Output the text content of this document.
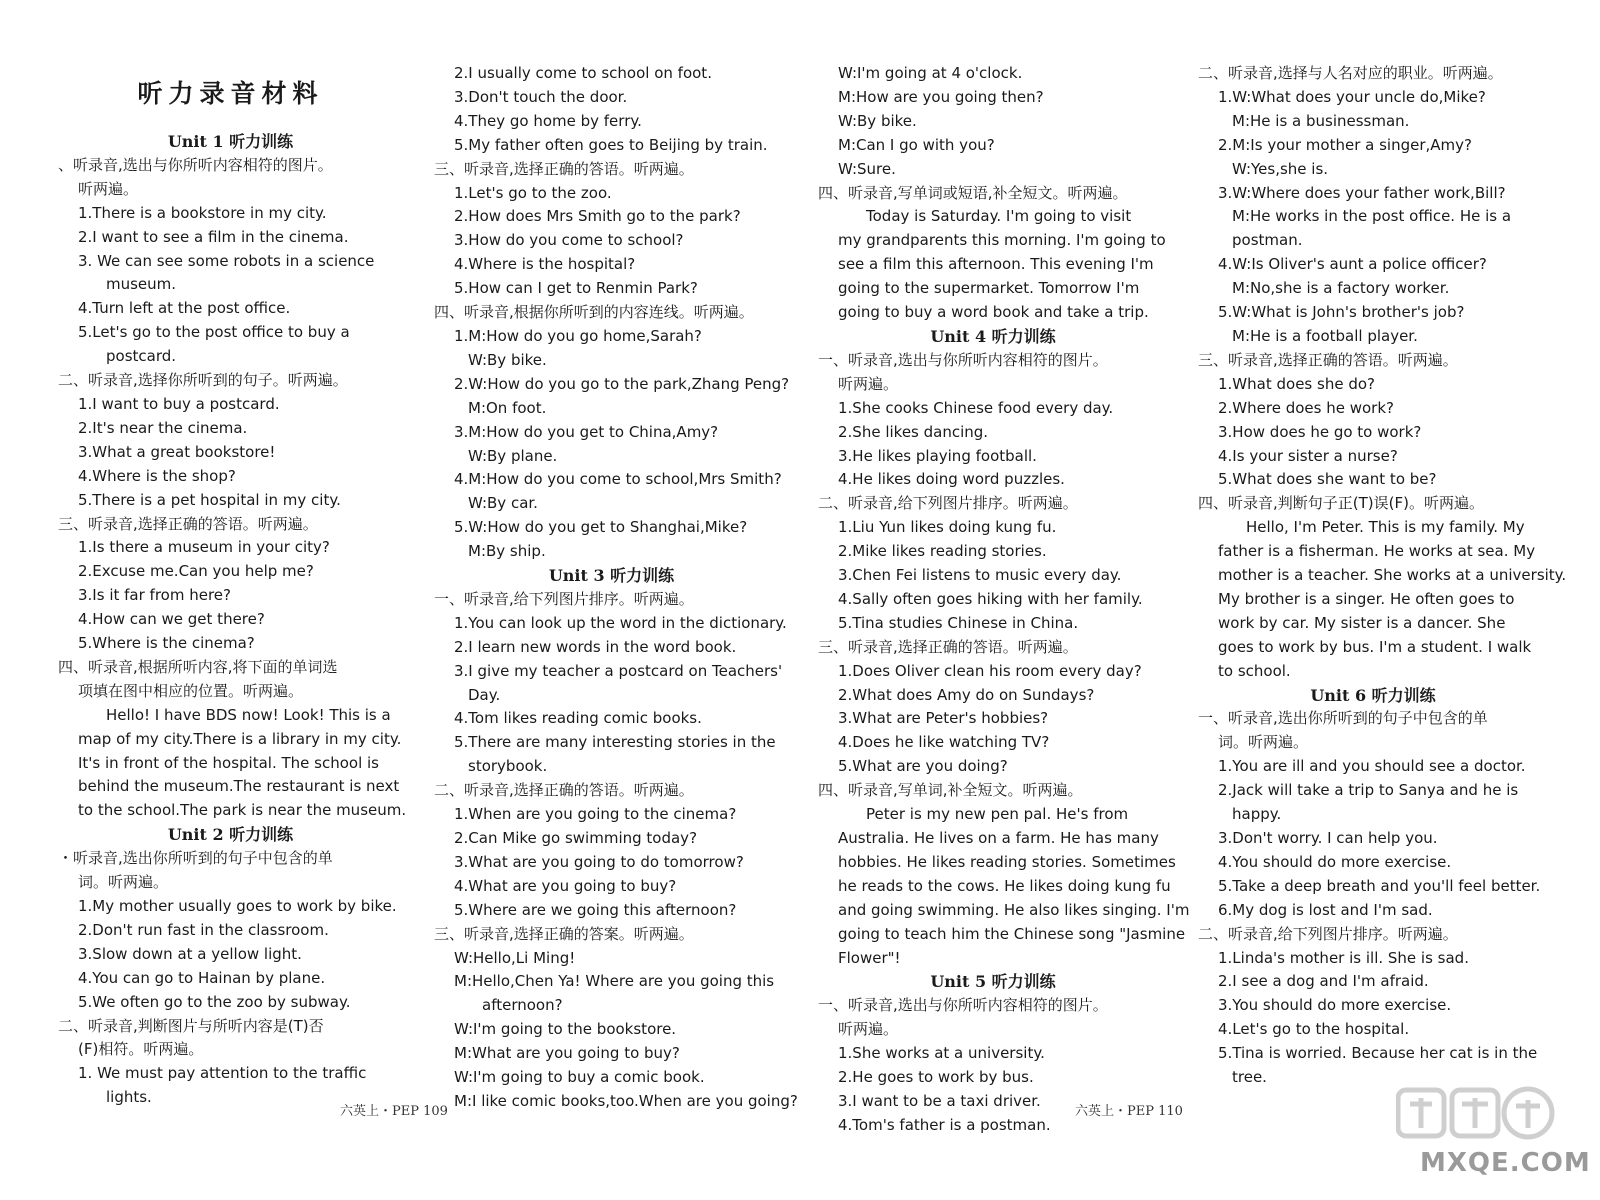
听力录音材料
Unit 1 听力训练
、听录音,选出与你所听内容相符的图片。
听两遍。
1.There is a bookstore in my city.
2.I want to see a film in the cinema.
3. We can see some robots in a science
museum.
4.Turn left at the post office.
5.Let's go to the post office to buy a
postcard.
二、听录音,选择你所听到的句子。听两遍。
1.I want to buy a postcard.
2.It's near the cinema.
3.What a great bookstore!
4.Where is the shop?
5.There is a pet hospital in my city.
三、听录音,选择正确的答语。听两遍。
1.Is there a museum in your city?
2.Excuse me.Can you help me?
3.Is it far from here?
4.How can we get there?
5.Where is the cinema?
四、听录音,根据所听内容,将下面的单词选
项填在图中相应的位置。听两遍。
Hello! I have BDS now! Look! This is a
map of my city.There is a library in my city.
It's in front of the hospital. The school is
behind the museum.The restaurant is next
to the school.The park is near the museum.
Unit 2 听力训练
・听录音,选出你所听到的句子中包含的单
词。听两遍。
1.My mother usually goes to work by bike.
2.Don't run fast in the classroom.
3.Slow down at a yellow light.
4.You can go to Hainan by plane.
5.We often go to the zoo by subway.
二、听录音,判断图片与所听内容是(T)否
(F)相符。听两遍。
1. We must pay attention to the traffic
lights.
2.I usually come to school on foot.
3.Don't touch the door.
4.They go home by ferry.
5.My father often goes to Beijing by train.
三、听录音,选择正确的答语。听两遍。
1.Let's go to the zoo.
2.How does Mrs Smith go to the park?
3.How do you come to school?
4.Where is the hospital?
5.How can I get to Renmin Park?
四、听录音,根据你所听到的内容连线。听两遍。
1.M:How do you go home,Sarah?
W:By bike.
2.W:How do you go to the park,Zhang Peng?
M:On foot.
3.M:How do you get to China,Amy?
W:By plane.
4.M:How do you come to school,Mrs Smith?
W:By car.
5.W:How do you get to Shanghai,Mike?
M:By ship.
Unit 3 听力训练
一、听录音,给下列图片排序。听两遍。
1.You can look up the word in the dictionary.
2.I learn new words in the word book.
3.I give my teacher a postcard on Teachers'
Day.
4.Tom likes reading comic books.
5.There are many interesting stories in the
storybook.
二、听录音,选择正确的答语。听两遍。
1.When are you going to the cinema?
2.Can Mike go swimming today?
3.What are you going to do tomorrow?
4.What are you going to buy?
5.Where are we going this afternoon?
三、听录音,选择正确的答案。听两遍。
W:Hello,Li Ming!
M:Hello,Chen Ya! Where are you going this
afternoon?
W:I'm going to the bookstore.
M:What are you going to buy?
W:I'm going to buy a comic book.
M:I like comic books,too.When are you going?
W:I'm going at 4 o'clock.
M:How are you going then?
W:By bike.
M:Can I go with you?
W:Sure.
四、听录音,写单词或短语,补全短文。听两遍。
Today is Saturday. I'm going to visit
my grandparents this morning. I'm going to
see a film this afternoon. This evening I'm
going to the supermarket. Tomorrow I'm
going to buy a word book and take a trip.
Unit 4 听力训练
一、听录音,选出与你所听内容相符的图片。
听两遍。
1.She cooks Chinese food every day.
2.She likes dancing.
3.He likes playing football.
4.He likes doing word puzzles.
二、听录音,给下列图片排序。听两遍。
1.Liu Yun likes doing kung fu.
2.Mike likes reading stories.
3.Chen Fei listens to music every day.
4.Sally often goes hiking with her family.
5.Tina studies Chinese in China.
三、听录音,选择正确的答语。听两遍。
1.Does Oliver clean his room every day?
2.What does Amy do on Sundays?
3.What are Peter's hobbies?
4.Does he like watching TV?
5.What are you doing?
四、听录音,写单词,补全短文。听两遍。
Peter is my new pen pal. He's from
Australia. He lives on a farm. He has many
hobbies. He likes reading stories. Sometimes
he reads to the cows. He likes doing kung fu
and going swimming. He also likes singing. I'm
going to teach him the Chinese song "Jasmine
Flower"!
Unit 5 听力训练
一、听录音,选出与你所听内容相符的图片。
听两遍。
1.She works at a university.
2.He goes to work by bus.
3.I want to be a taxi driver.
4.Tom's father is a postman.
二、听录音,选择与人名对应的职业。听两遍。
1.W:What does your uncle do,Mike?
M:He is a businessman.
2.M:Is your mother a singer,Amy?
W:Yes,she is.
3.W:Where does your father work,Bill?
M:He works in the post office. He is a
postman.
4.W:Is Oliver's aunt a police officer?
M:No,she is a factory worker.
5.W:What is John's brother's job?
M:He is a football player.
三、听录音,选择正确的答语。听两遍。
1.What does she do?
2.Where does he work?
3.How does he go to work?
4.Is your sister a nurse?
5.What does she want to be?
四、听录音,判断句子正(T)误(F)。听两遍。
Hello, I'm Peter. This is my family. My
father is a fisherman. He works at sea. My
mother is a teacher. She works at a university.
My brother is a singer. He often goes to
work by car. My sister is a dancer. She
goes to work by bus. I'm a student. I walk
to school.
Unit 6 听力训练
一、听录音,选出你所听到的句子中包含的单
词。听两遍。
1.You are ill and you should see a doctor.
2.Jack will take a trip to Sanya and he is
happy.
3.Don't worry. I can help you.
4.You should do more exercise.
5.Take a deep breath and you'll feel better.
6.My dog is lost and I'm sad.
二、听录音,给下列图片排序。听两遍。
1.Linda's mother is ill. She is sad.
2.I see a dog and I'm afraid.
3.You should do more exercise.
4.Let's go to the hospital.
5.Tina is worried. Because her cat is in the
tree.
六英上・PEP 109	六英上・PEP 110
MXQE.COM
